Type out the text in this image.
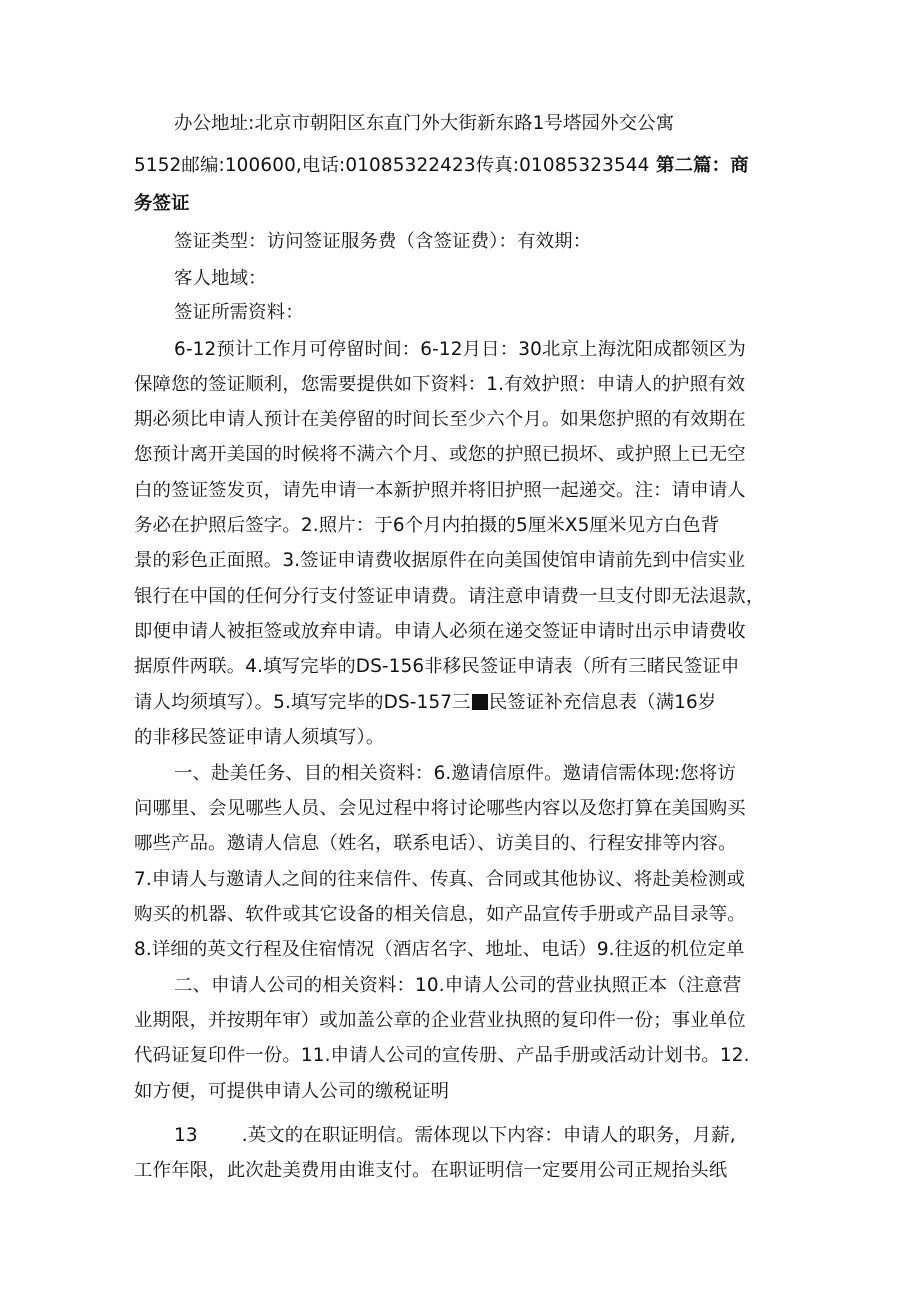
办公地址:北京市朝阳区东直门外大街新东路1号塔园外交公寓
5152邮编:100600,电话:01085322423传真:01085323544 第二篇：商
务签证
签证类型：访问签证服务费（含签证费）：有效期：
客人地域：
签证所需资料：
6-12预计工作月可停留时间：6-12月日：30北京上海沈阳成都领区为
保障您的签证顺利，您需要提供如下资料：1.有效护照：申请人的护照有效
期必须比申请人预计在美停留的时间长至少六个月。如果您护照的有效期在
您预计离开美国的时候将不满六个月、或您的护照已损坏、或护照上已无空
白的签证签发页，请先申请一本新护照并将旧护照一起递交。注：请申请人
务必在护照后签字。2.照片：于6个月内拍摄的5厘米X5厘米见方白色背
景的彩色正面照。3.签证申请费收据原件在向美国使馆申请前先到中信实业
银行在中国的任何分行支付签证申请费。请注意申请费一旦支付即无法退款，
即便申请人被拒签或放弃申请。申请人必须在递交签证申请时出示申请费收
据原件两联。4.填写完毕的DS-156非移民签证申请表（所有三睹民签证申
请人均须填写）。5.填写完毕的DS-157三 民签证补充信息表（满16岁
的非移民签证申请人须填写）。
一、赴美任务、目的相关资料：6.邀请信原件。邀请信需体现:您将访
问哪里、会见哪些人员、会见过程中将讨论哪些内容以及您打算在美国购买
哪些产品。邀请人信息（姓名，联系电话）、访美目的、行程安排等内容。
7.申请人与邀请人之间的往来信件、传真、合同或其他协议、将赴美检测或
购买的机器、软件或其它设备的相关信息，如产品宣传手册或产品目录等。
8.详细的英文行程及住宿情况（酒店名字、地址、电话）9.往返的机位定单
二、申请人公司的相关资料：10.申请人公司的营业执照正本（注意营
业期限，并按期年审）或加盖公章的企业营业执照的复印件一份；事业单位
代码证复印件一份。11.申请人公司的宣传册、产品手册或活动计划书。12.
如方便，可提供申请人公司的缴税证明
13 .英文的在职证明信。需体现以下内容：申请人的职务，月薪,
工作年限，此次赴美费用由谁支付。在职证明信一定要用公司正规抬头纸
